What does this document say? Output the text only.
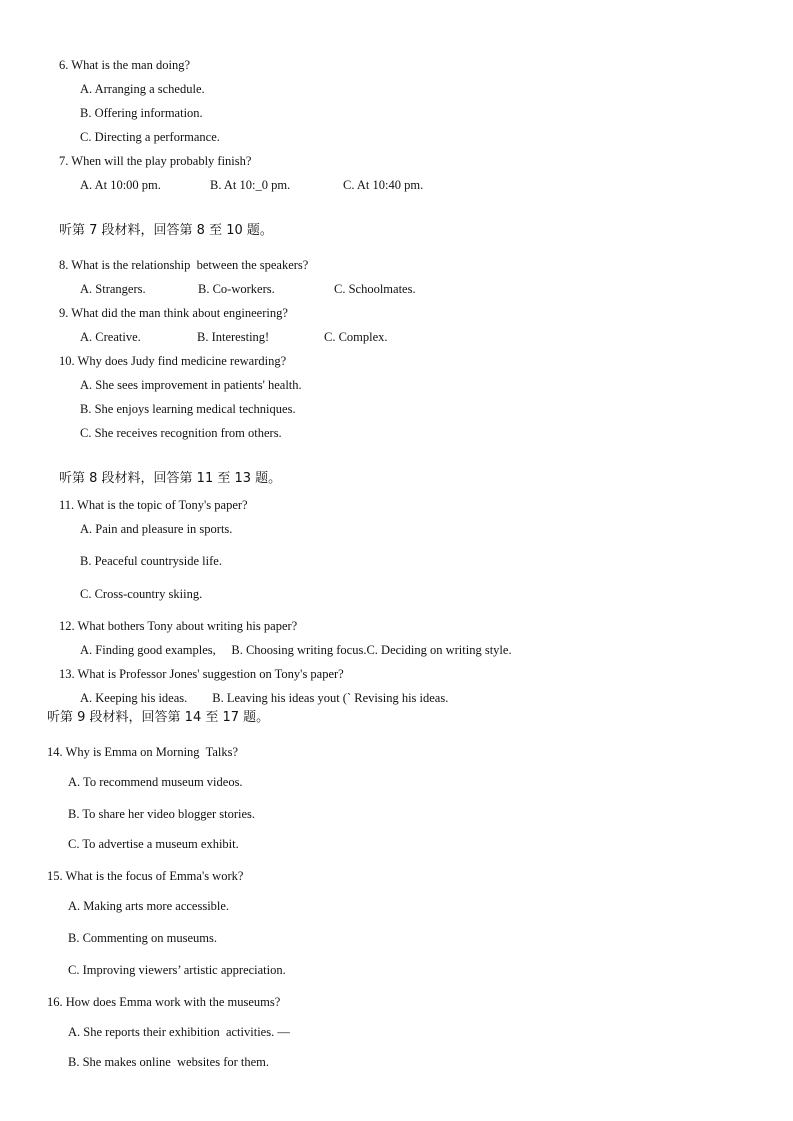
6. What is the man doing?
A. Arranging a schedule.
B. Offering information.
C. Directing a performance.
7. When will the play probably finish?
A. At 10:00 pm.	B. At 10:_0 pm.	C. At 10:40 pm.
听第 7 段材料，回答第 8 至 10 题。
8. What is the relationship  between the speakers?
A. Strangers.	B. Co-workers.	C. Schoolmates.
9. What did the man think about engineering?
A. Creative.	B. Interesting!	C. Complex.
10. Why does Judy find medicine rewarding?
A. She sees improvement in patients' health.
B. She enjoys learning medical techniques.
C. She receives recognition from others.
听第 8 段材料，回答第 11 至 13 题。
11. What is the topic of Tony's paper?
A. Pain and pleasure in sports.
B. Peaceful countryside life.
C. Cross-country skiing.
12. What bothers Tony about writing his paper?
A. Finding good examples,     B. Choosing writing focus.C. Deciding on writing style.
13. What is Professor Jones' suggestion on Tony's paper?
A. Keeping his ideas.        B. Leaving his ideas yout (` Revising his ideas.
听第 9 段材料，回答第 14 至 17 题。
14. Why is Emma on Morning  Talks?
A. To recommend museum videos.
B. To share her video blogger stories.
C. To advertise a museum exhibit.
15. What is the focus of Emma's work?
A. Making arts more accessible.
B. Commenting on museums.
C. Improving viewers’ artistic appreciation.
16. How does Emma work with the museums?
A. She reports their exhibition  activities. —
B. She makes online  websites for them.
